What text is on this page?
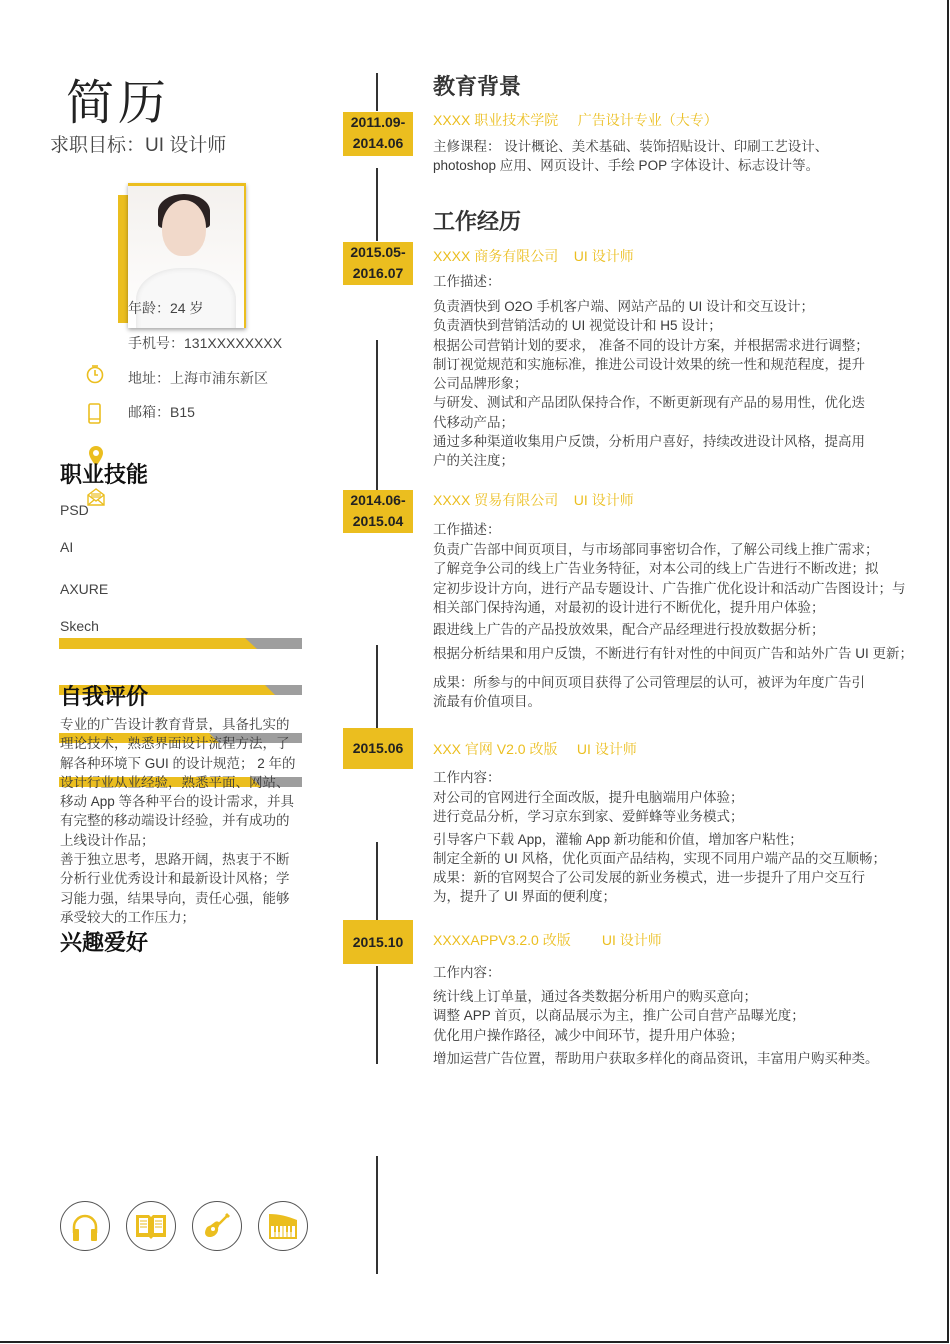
简历
求职目标：UI 设计师
年龄：24 岁
手机号：131XXXXXXXX
地址：上海市浦东新区
邮箱：B15
职业技能
PSD
AI
AXURE
Skech
自我评价
专业的广告设计教育背景，具备扎实的
理论技术，熟悉界面设计流程方法，了
解各种环境下 GUI 的设计规范； 2 年的
设计行业从业经验，熟悉平面、网站、
移动 App 等各种平台的设计需求，并具
有完整的移动端设计经验，并有成功的
上线设计作品；
善于独立思考，思路开阔，热衷于不断
分析行业优秀设计和最新设计风格；学
习能力强，结果导向，责任心强，能够
承受较大的工作压力；
兴趣爱好
2011.09-
2014.06
2015.05-
2016.07
2014.06-
2015.04
2015.06
2015.10
教育背景
XXXX 职业技术学院     广告设计专业（大专）
主修课程： 设计概论、美术基础、装饰招贴设计、印刷工艺设计、
photoshop 应用、网页设计、手绘 POP 字体设计、标志设计等。
工作经历
XXXX 商务有限公司    UI 设计师
工作描述：
负责酒快到 O2O 手机客户端、网站产品的 UI 设计和交互设计；
负责酒快到营销活动的 UI 视觉设计和 H5 设计；
根据公司营销计划的要求， 准备不同的设计方案，并根据需求进行调整；
制订视觉规范和实施标准，推进公司设计效果的统一性和规范程度，提升
公司品牌形象；
与研发、测试和产品团队保持合作，不断更新现有产品的易用性，优化迭
代移动产品；
通过多种渠道收集用户反馈，分析用户喜好，持续改进设计风格，提高用
户的关注度；
XXXX 贸易有限公司    UI 设计师
工作描述：
负责广告部中间页项目，与市场部同事密切合作，了解公司线上推广需求；
了解竞争公司的线上广告业务特征，对本公司的线上广告进行不断改进；拟
定初步设计方向，进行产品专题设计、广告推广优化设计和活动广告图设计；与
相关部门保持沟通，对最初的设计进行不断优化，提升用户体验；
跟进线上广告的产品投放效果，配合产品经理进行投放数据分析；
根据分析结果和用户反馈，不断进行有针对性的中间页广告和站外广告 UI 更新；
成果：所参与的中间页项目获得了公司管理层的认可，被评为年度广告引
流最有价值项目。
XXX 官网 V2.0 改版     UI 设计师
工作内容：
对公司的官网进行全面改版，提升电脑端用户体验；
进行竞品分析，学习京东到家、爱鲜蜂等业务模式；
引导客户下载 App，灌输 App 新功能和价值，增加客户粘性；
制定全新的 UI 风格，优化页面产品结构，实现不同用户端产品的交互顺畅；
成果：新的官网契合了公司发展的新业务模式，进一步提升了用户交互行
为，提升了 UI 界面的便利度；
XXXXAPPV3.2.0 改版        UI 设计师
工作内容：
统计线上订单量，通过各类数据分析用户的购买意向；
调整 APP 首页，以商品展示为主，推广公司自营产品曝光度；
优化用户操作路径，减少中间环节，提升用户体验；
增加运营广告位置，帮助用户获取多样化的商品资讯，丰富用户购买种类。
